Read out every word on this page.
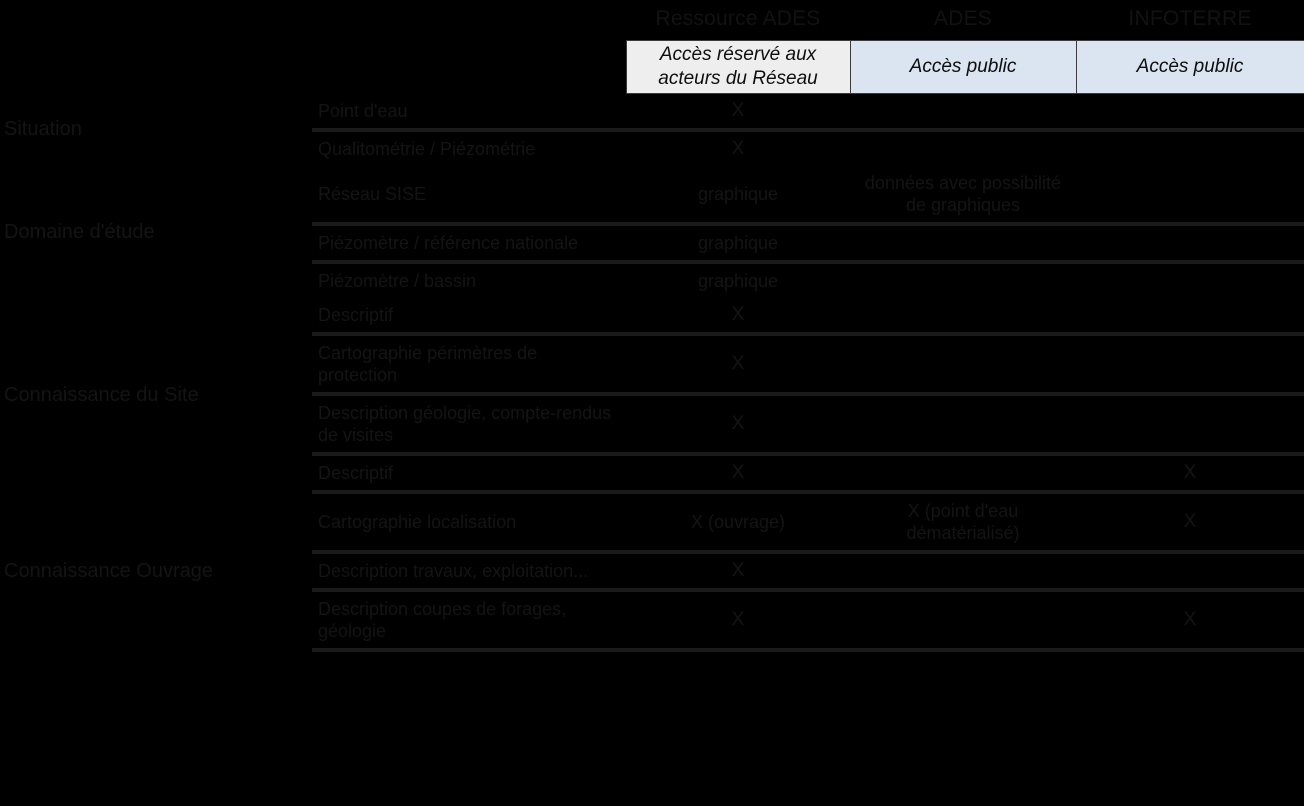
		Ressource ADES	ADES	INFOTERRE
		Accès réservé aux acteurs du Réseau	Accès public	Accès public
Situation	Point d'eau	X		
	Qualitométrie / Piézométrie	X		
Domaine d'étude	Réseau SISE	graphique	données avec possibilité de graphiques	
	Piézomètre / référence nationale	graphique		
	Piézomètre / bassin	graphique		
Connaissance du Site	Descriptif	X		
	Cartographie périmètres de protection	X		
	Description géologie, compte-rendus de visites	X		
	Descriptif	X		X
Connaissance Ouvrage	Cartographie localisation	X (ouvrage)	X (point d'eau dématérialisé)	X
	Description travaux, exploitation...	X		
	Description coupes de forages, géologie	X		X
